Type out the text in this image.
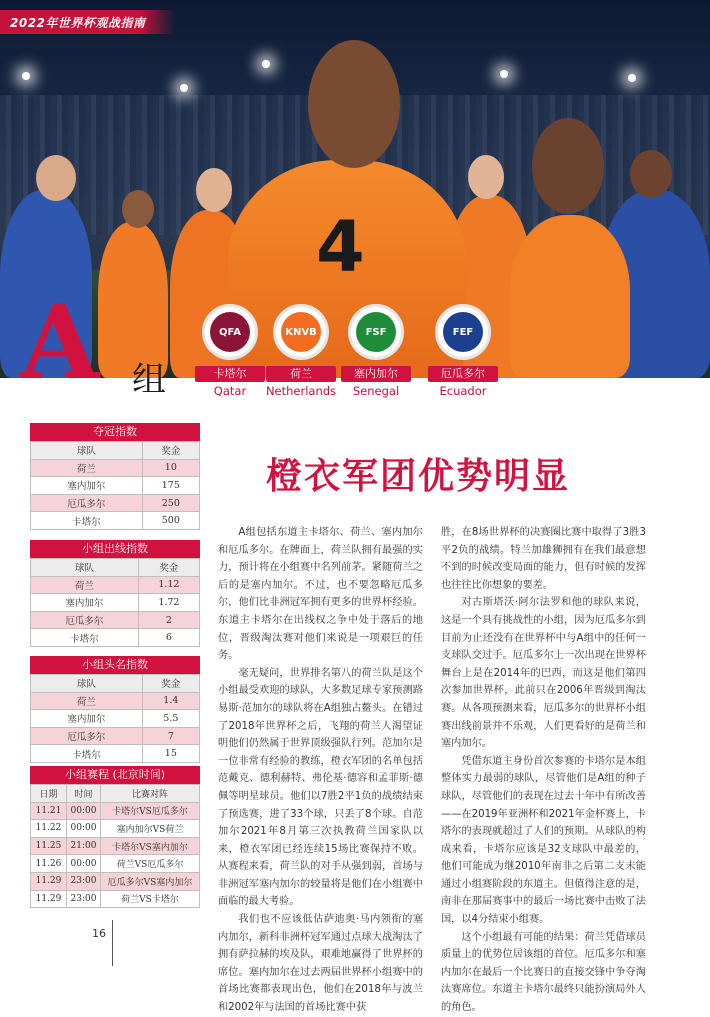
4
2022年世界杯观战指南
A 组
QFA
卡塔尔
Qatar
KNVB
荷兰
Netherlands
FSF
塞内加尔
Senegal
FEF
厄瓜多尔
Ecuador
夺冠指数
球队	奖金
荷兰	10
塞内加尔	175
厄瓜多尔	250
卡塔尔	500
小组出线指数
球队	奖金
荷兰	1.12
塞内加尔	1.72
厄瓜多尔	2
卡塔尔	6
小组头名指数
球队	奖金
荷兰	1.4
塞内加尔	5.5
厄瓜多尔	7
卡塔尔	15
小组赛程 (北京时间)
日期	时间	比赛对阵
11.21	00:00	卡塔尔VS厄瓜多尔
11.22	00:00	塞内加尔VS荷兰
11.25	21:00	卡塔尔VS塞内加尔
11.26	00:00	荷兰VS厄瓜多尔
11.29	23:00	厄瓜多尔VS塞内加尔
11.29	23:00	荷兰VS卡塔尔
橙衣军团优势明显

A组包括东道主卡塔尔、荷兰、塞内加尔和厄瓜多尔。在牌面上，荷兰队拥有最强的实力，预计将在小组赛中名列前茅。紧随荷兰之后的是塞内加尔。不过，也不要忽略厄瓜多尔，他们比非洲冠军拥有更多的世界杯经验。东道主卡塔尔在出线权之争中处于落后的地位，晋级淘汰赛对他们来说是一项艰巨的任务。

毫无疑问，世界排名第八的荷兰队是这个小组最受欢迎的球队，大多数足球专家预测路易斯·范加尔的球队将在A组独占鳌头。在错过了2018年世界杯之后，飞翔的荷兰人渴望证明他们仍然属于世界顶级强队行列。范加尔是一位非常有经验的教练，橙衣军团的名单包括范戴克、德利赫特、弗伦基·德容和孟菲斯·德佩等明星球员。他们以7胜2平1负的战绩结束了预选赛，进了33个球，只丢了8个球。自范加尔2021年8月第三次执教荷兰国家队以来，橙衣军团已经连续15场比赛保持不败。从赛程来看，荷兰队的对手从强到弱，首场与非洲冠军塞内加尔的较量将是他们在小组赛中面临的最大考验。

我们也不应该低估萨迪奥·马内领衔的塞内加尔，新科非洲杯冠军通过点球大战淘汰了拥有萨拉赫的埃及队，艰难地赢得了世界杯的席位。塞内加尔在过去两届世界杯小组赛中的首场比赛都表现出色，他们在2018年与波兰和2002年与法国的首场比赛中获

胜，在8场世界杯的决赛圈比赛中取得了3胜3平2负的战绩。特兰加雄狮拥有在我们最意想不到的时候改变局面的能力，但有时候的发挥也往往比你想象的要差。

对古斯塔沃·阿尔法罗和他的球队来说，这是一个具有挑战性的小组，因为厄瓜多尔到目前为止还没有在世界杯中与A组中的任何一支球队交过手。厄瓜多尔上一次出现在世界杯舞台上是在2014年的巴西，而这是他们第四次参加世界杯，此前只在2006年晋级到淘汰赛。从各项预测来看，厄瓜多尔的世界杯小组赛出线前景并不乐观，人们更看好的是荷兰和塞内加尔。

凭借东道主身份首次参赛的卡塔尔是本组整体实力最弱的球队，尽管他们是A组的种子球队，尽管他们的表现在过去十年中有所改善——在2019年亚洲杯和2021年金杯赛上，卡塔尔的表现就超过了人们的预期。从球队的构成来看，卡塔尔应该是32支球队中最差的，他们可能成为继2010年南非之后第二支未能通过小组赛阶段的东道主。但值得注意的是，南非在那届赛事中的最后一场比赛中击败了法国，以4分结束小组赛。

这个小组最有可能的结果：荷兰凭借球员质量上的优势位居该组的首位。厄瓜多尔和塞内加尔在最后一个比赛日的直接交锋中争夺淘汰赛席位。东道主卡塔尔最终只能扮演局外人的角色。

16
